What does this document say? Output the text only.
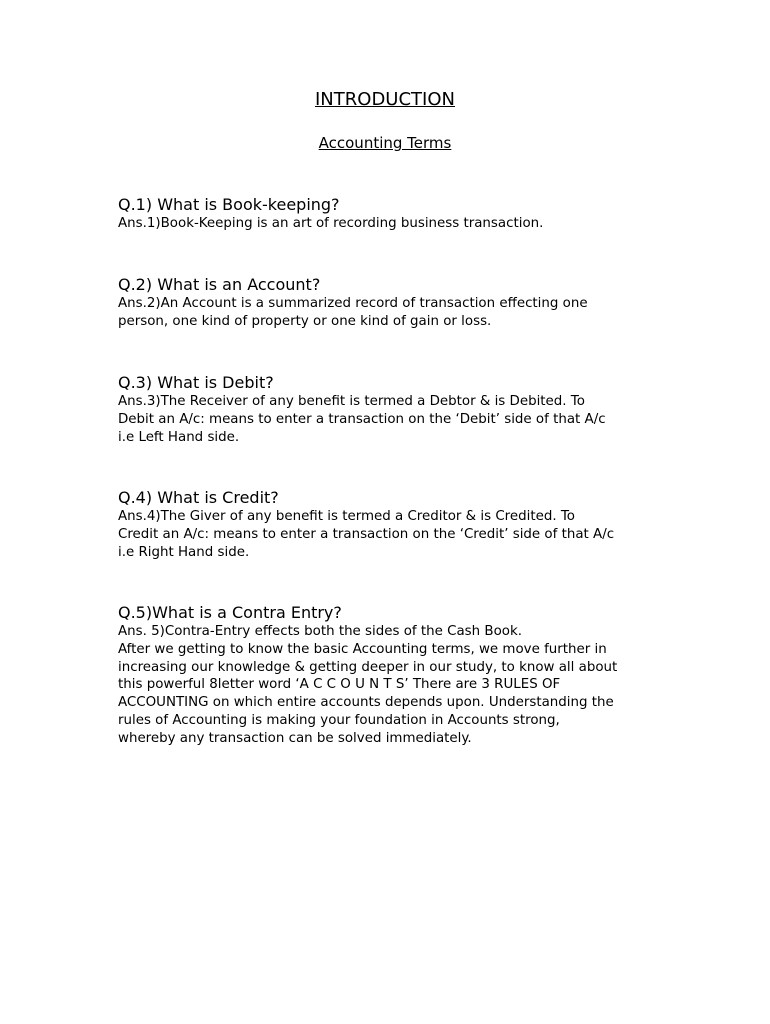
INTRODUCTION
Accounting Terms

Q.1) What is Book-keeping?

Ans.1)Book-Keeping is an art of recording business transaction.

Q.2) What is an Account?

Ans.2)An Account is a summarized record of transaction effecting one
person, one kind of property or one kind of gain or loss.

Q.3) What is Debit?

Ans.3)The Receiver of any benefit is termed a Debtor & is Debited. To
Debit an A/c: means to enter a transaction on the ‘Debit’ side of that A/c
i.e Left Hand side.

Q.4) What is Credit?

Ans.4)The Giver of any benefit is termed a Creditor & is Credited. To
Credit an A/c: means to enter a transaction on the ‘Credit’ side of that A/c
i.e Right Hand side.

Q.5)What is a Contra Entry?

Ans. 5)Contra-Entry effects both the sides of the Cash Book.
After we getting to know the basic Accounting terms, we move further in
increasing our knowledge & getting deeper in our study, to know all about
this powerful 8letter word ‘A C C O U N T S’ There are 3 RULES OF
ACCOUNTING on which entire accounts depends upon. Understanding the
rules of Accounting is making your foundation in Accounts strong,
whereby any transaction can be solved immediately.
